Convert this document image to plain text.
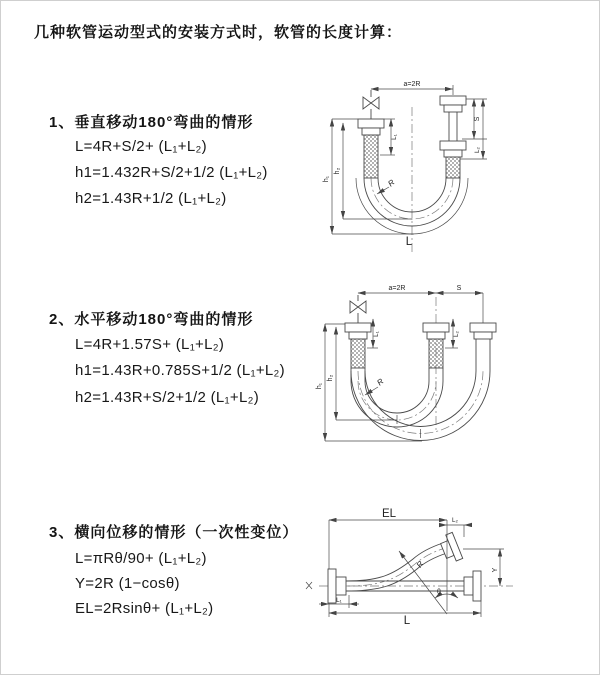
几种软管运动型式的安装方式时，软管的长度计算：
1、垂直移动180°弯曲的情形
L=4R+S/2+ (L₁+L₂)
h1=1.432R+S/2+1/2 (L₁+L₂)
h2=1.43R+1/2 (L₁+L₂)
2、水平移动180°弯曲的情形
L=4R+1.57S+ (L₁+L₂)
h1=1.43R+0.785S+1/2 (L₁+L₂)
h2=1.43R+S/2+1/2 (L₁+L₂)
3、横向位移的情形（一次性变位）
L=πRθ/90+ (L₁+L₂)
Y=2R (1−cosθ)
EL=2Rsinθ+ (L₁+L₂)
a=2R
h₁
h₂
L₁
S
L₂
R
L
a=2R	S
L₁	L₂
h₁
h₂	R
EL
L₂
Y
R
θ
L₁
L
